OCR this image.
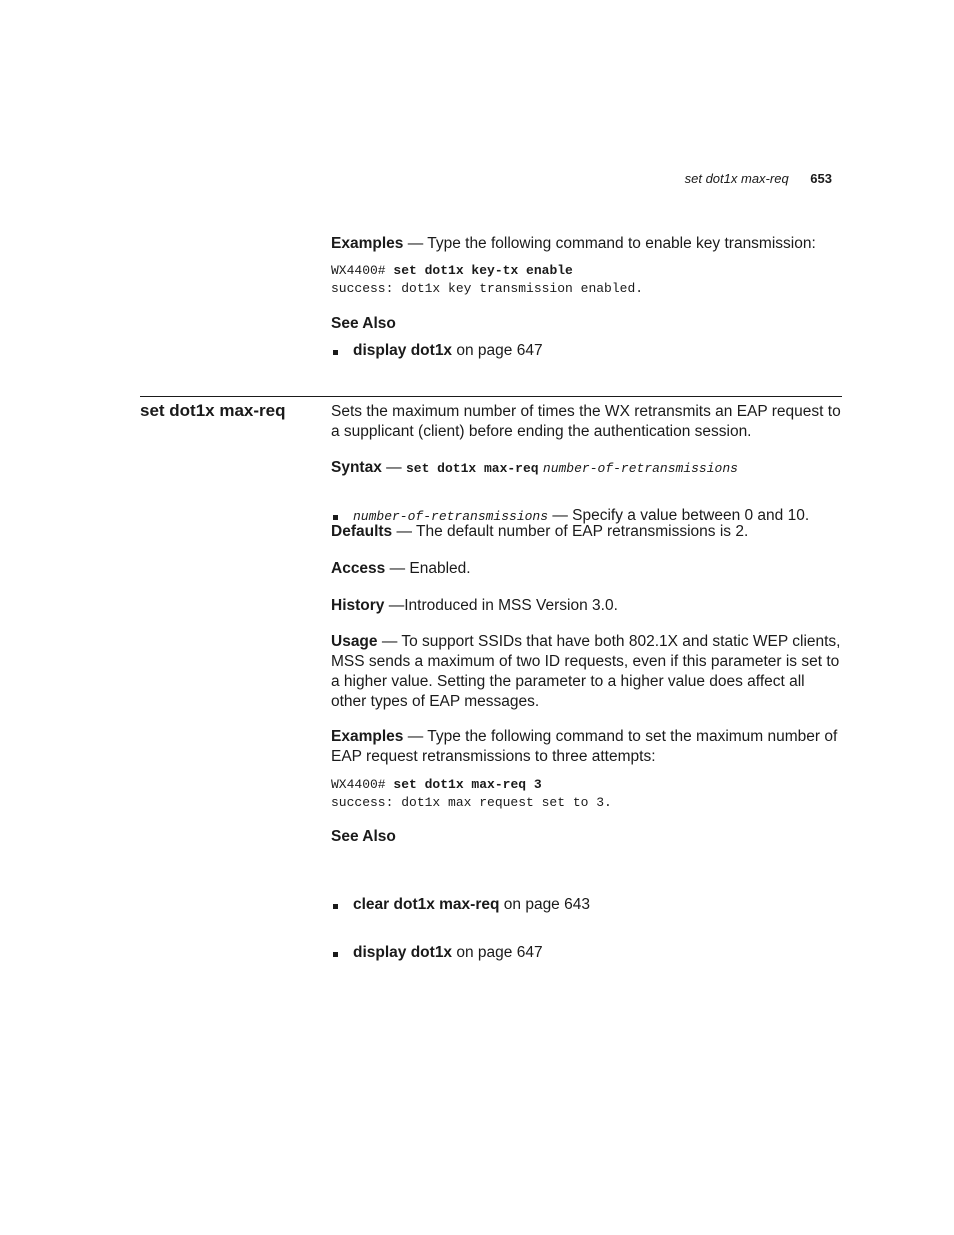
set dot1x max-req 653
Examples — Type the following command to enable key transmission:
WX4400# set dot1x key-tx enable
success: dot1x key transmission enabled.
See Also
display dot1x on page 647
set dot1x max-req	Sets the maximum number of times the WX retransmits an EAP request to a supplicant (client) before ending the authentication session.
Syntax — set dot1x max-req number-of-retransmissions
number-of-retransmissions — Specify a value between 0 and 10.
Defaults — The default number of EAP retransmissions is 2.
Access — Enabled.
History —Introduced in MSS Version 3.0.
Usage — To support SSIDs that have both 802.1X and static WEP clients, MSS sends a maximum of two ID requests, even if this parameter is set to a higher value. Setting the parameter to a higher value does affect all other types of EAP messages.
Examples — Type the following command to set the maximum number of EAP request retransmissions to three attempts:
WX4400# set dot1x max-req 3
success: dot1x max request set to 3.
See Also
clear dot1x max-req on page 643
display dot1x on page 647
